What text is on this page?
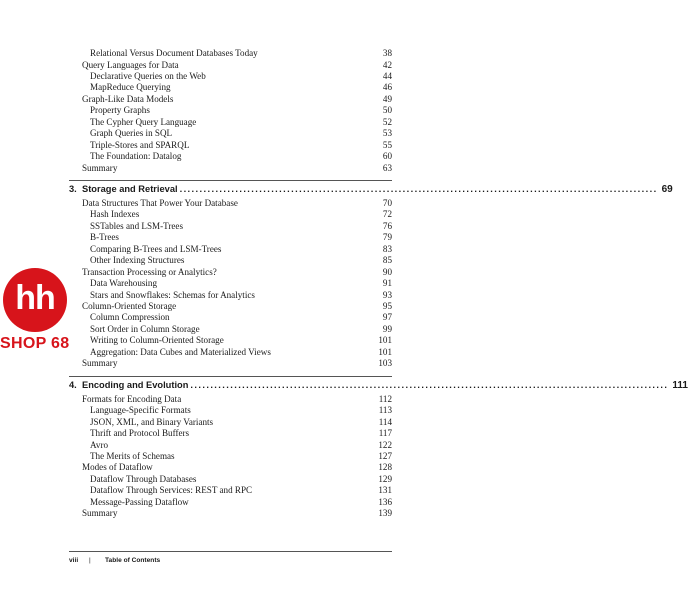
Relational Versus Document Databases Today	38
Query Languages for Data	42
Declarative Queries on the Web	44
MapReduce Querying	46
Graph-Like Data Models	49
Property Graphs	50
The Cypher Query Language	52
Graph Queries in SQL	53
Triple-Stores and SPARQL	55
The Foundation: Datalog	60
Summary	63
3. Storage and Retrieval ........................................................................................................................ 69
Data Structures That Power Your Database	70
Hash Indexes	72
SSTables and LSM-Trees	76
B-Trees	79
Comparing B-Trees and LSM-Trees	83
Other Indexing Structures	85
Transaction Processing or Analytics?	90
Data Warehousing	91
Stars and Snowflakes: Schemas for Analytics	93
Column-Oriented Storage	95
Column Compression	97
Sort Order in Column Storage	99
Writing to Column-Oriented Storage	101
Aggregation: Data Cubes and Materialized Views	101
Summary	103
4. Encoding and Evolution ........................................................................................................................ 111
Formats for Encoding Data	112
Language-Specific Formats	113
JSON, XML, and Binary Variants	114
Thrift and Protocol Buffers	117
Avro	122
The Merits of Schemas	127
Modes of Dataflow	128
Dataflow Through Databases	129
Dataflow Through Services: REST and RPC	131
Message-Passing Dataflow	136
Summary	139
viii | Table of Contents
hh
SHOP 68
